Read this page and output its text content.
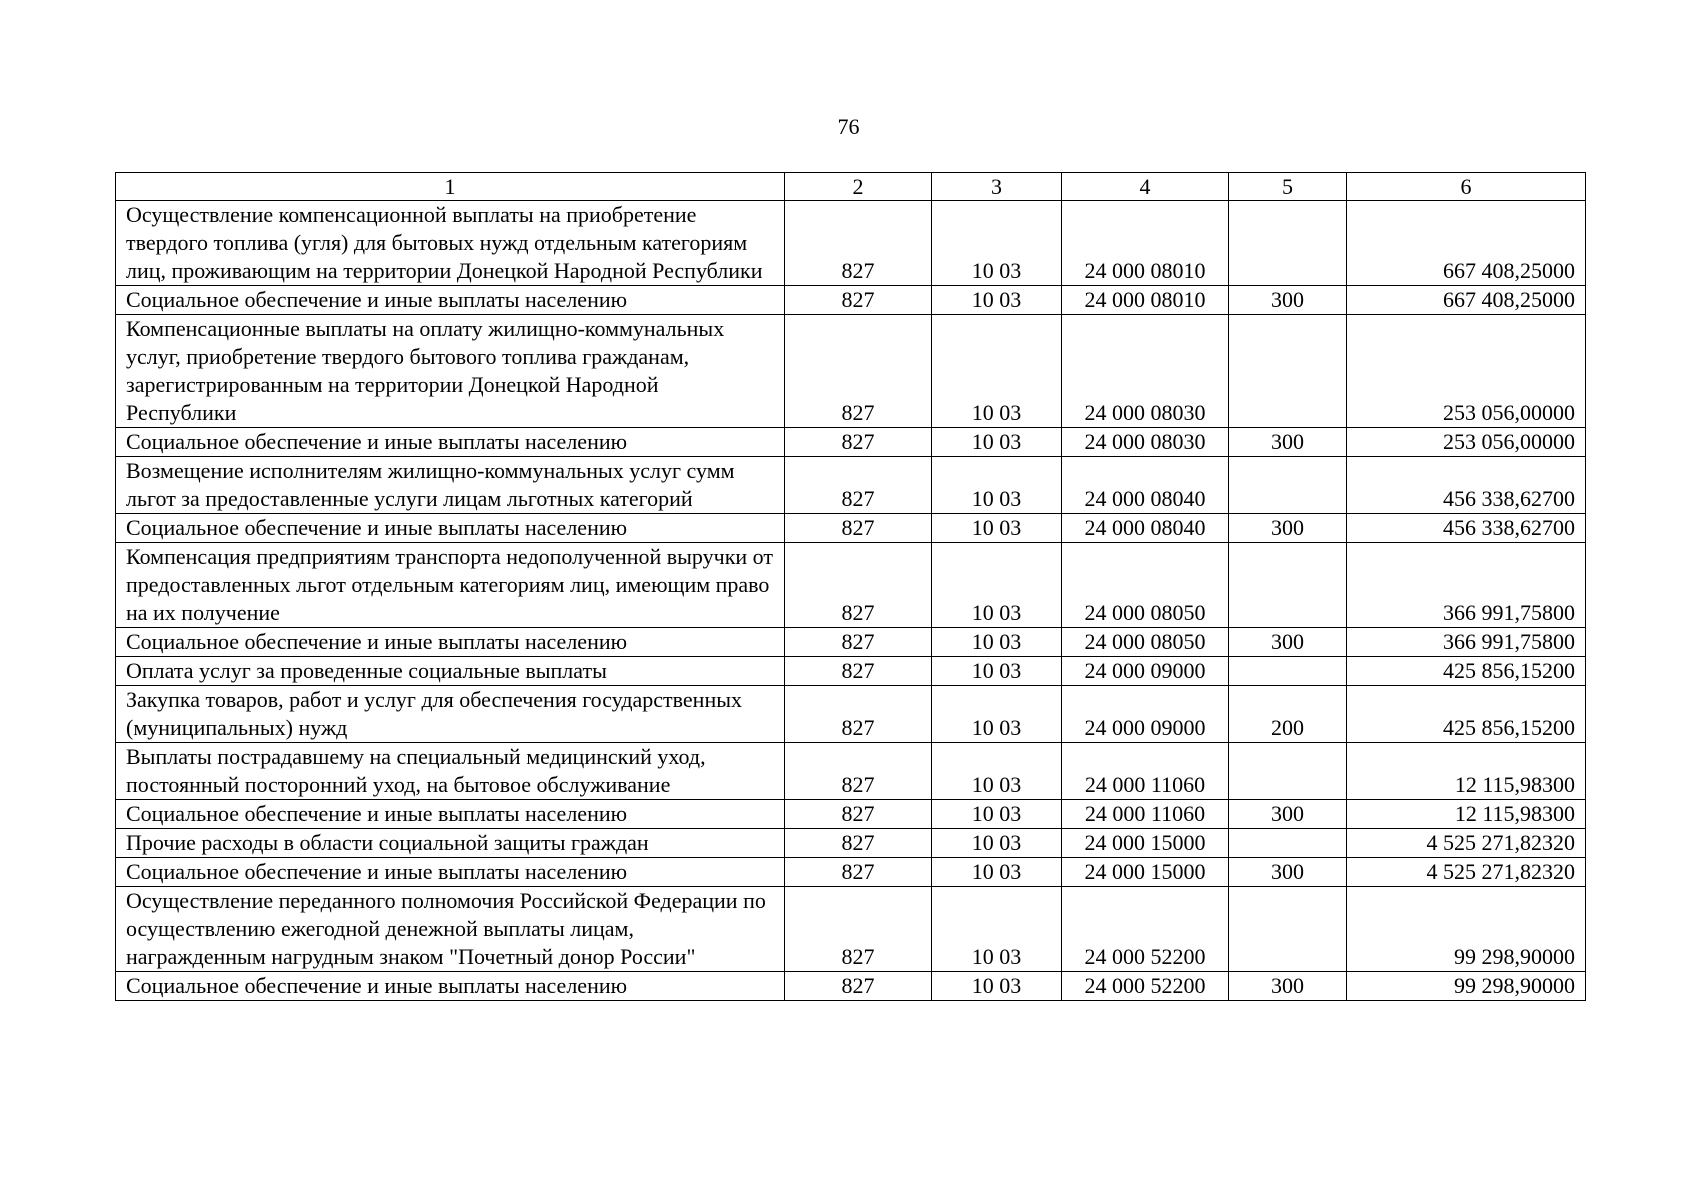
76
1	2	3	4	5	6
Осуществление компенсационной выплаты на приобретение твердого топлива (угля) для бытовых нужд отдельным категориям лиц, проживающим на территории Донецкой Народной Республики	827	10 03	24 000 08010		667 408,25000
Социальное обеспечение и иные выплаты населению	827	10 03	24 000 08010	300	667 408,25000
Компенсационные выплаты на оплату жилищно-коммунальных услуг, приобретение твердого бытового топлива гражданам, зарегистрированным на территории Донецкой Народной Республики	827	10 03	24 000 08030		253 056,00000
Социальное обеспечение и иные выплаты населению	827	10 03	24 000 08030	300	253 056,00000
Возмещение исполнителям жилищно-коммунальных услуг сумм льгот за предоставленные услуги лицам льготных категорий	827	10 03	24 000 08040		456 338,62700
Социальное обеспечение и иные выплаты населению	827	10 03	24 000 08040	300	456 338,62700
Компенсация предприятиям транспорта недополученной выручки от предоставленных льгот отдельным категориям лиц, имеющим право на их получение	827	10 03	24 000 08050		366 991,75800
Социальное обеспечение и иные выплаты населению	827	10 03	24 000 08050	300	366 991,75800
Оплата услуг за проведенные социальные выплаты	827	10 03	24 000 09000		425 856,15200
Закупка товаров, работ и услуг для обеспечения государственных (муниципальных) нужд	827	10 03	24 000 09000	200	425 856,15200
Выплаты пострадавшему на специальный медицинский уход, постоянный посторонний уход, на бытовое обслуживание	827	10 03	24 000 11060		12 115,98300
Социальное обеспечение и иные выплаты населению	827	10 03	24 000 11060	300	12 115,98300
Прочие расходы в области социальной защиты граждан	827	10 03	24 000 15000		4 525 271,82320
Социальное обеспечение и иные выплаты населению	827	10 03	24 000 15000	300	4 525 271,82320
Осуществление переданного полномочия Российской Федерации по осуществлению ежегодной денежной выплаты лицам, награжденным нагрудным знаком "Почетный донор России"	827	10 03	24 000 52200		99 298,90000
Социальное обеспечение и иные выплаты населению	827	10 03	24 000 52200	300	99 298,90000
